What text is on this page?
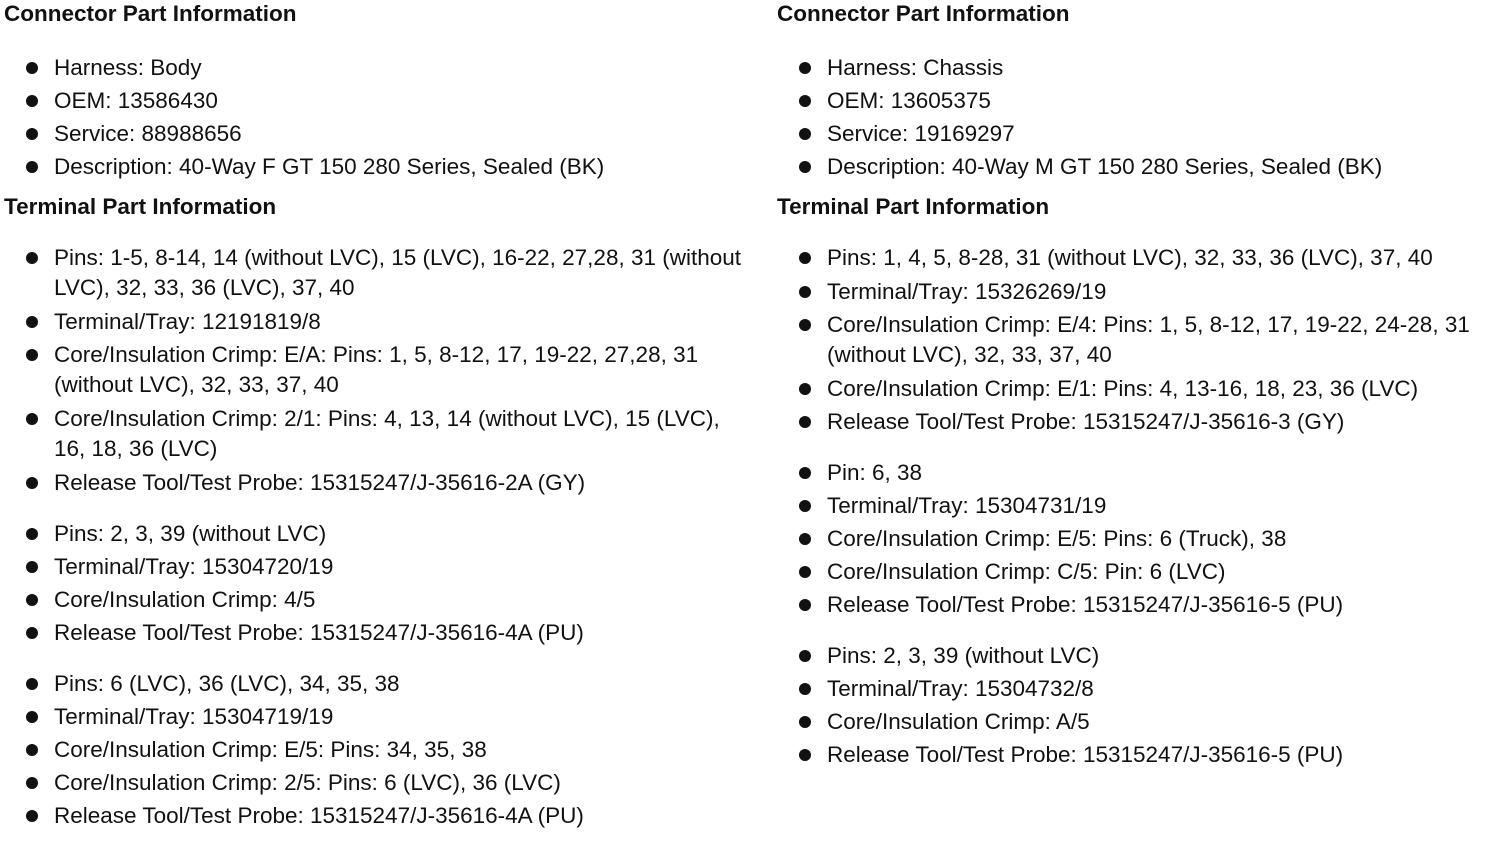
Connector Part Information
Harness: Body
OEM: 13586430
Service: 88988656
Description: 40-Way F GT 150 280 Series, Sealed (BK)
Terminal Part Information
Pins: 1-5, 8-14, 14 (without LVC), 15 (LVC), 16-22, 27,28, 31 (without LVC), 32, 33, 36 (LVC), 37, 40
Terminal/Tray: 12191819/8
Core/Insulation Crimp: E/A: Pins: 1, 5, 8-12, 17, 19-22, 27,28, 31 (without LVC), 32, 33, 37, 40
Core/Insulation Crimp: 2/1: Pins: 4, 13, 14 (without LVC), 15 (LVC), 16, 18, 36 (LVC)
Release Tool/Test Probe: 15315247/J-35616-2A (GY)
Pins: 2, 3, 39 (without LVC)
Terminal/Tray: 15304720/19
Core/Insulation Crimp: 4/5
Release Tool/Test Probe: 15315247/J-35616-4A (PU)
Pins: 6 (LVC), 36 (LVC), 34, 35, 38
Terminal/Tray: 15304719/19
Core/Insulation Crimp: E/5: Pins: 34, 35, 38
Core/Insulation Crimp: 2/5: Pins: 6 (LVC), 36 (LVC)
Release Tool/Test Probe: 15315247/J-35616-4A (PU)
Connector Part Information
Harness: Chassis
OEM: 13605375
Service: 19169297
Description: 40-Way M GT 150 280 Series, Sealed (BK)
Terminal Part Information
Pins: 1, 4, 5, 8-28, 31 (without LVC), 32, 33, 36 (LVC), 37, 40
Terminal/Tray: 15326269/19
Core/Insulation Crimp: E/4: Pins: 1, 5, 8-12, 17, 19-22, 24-28, 31 (without LVC), 32, 33, 37, 40
Core/Insulation Crimp: E/1: Pins: 4, 13-16, 18, 23, 36 (LVC)
Release Tool/Test Probe: 15315247/J-35616-3 (GY)
Pin: 6, 38
Terminal/Tray: 15304731/19
Core/Insulation Crimp: E/5: Pins: 6 (Truck), 38
Core/Insulation Crimp: C/5: Pin: 6 (LVC)
Release Tool/Test Probe: 15315247/J-35616-5 (PU)
Pins: 2, 3, 39 (without LVC)
Terminal/Tray: 15304732/8
Core/Insulation Crimp: A/5
Release Tool/Test Probe: 15315247/J-35616-5 (PU)
